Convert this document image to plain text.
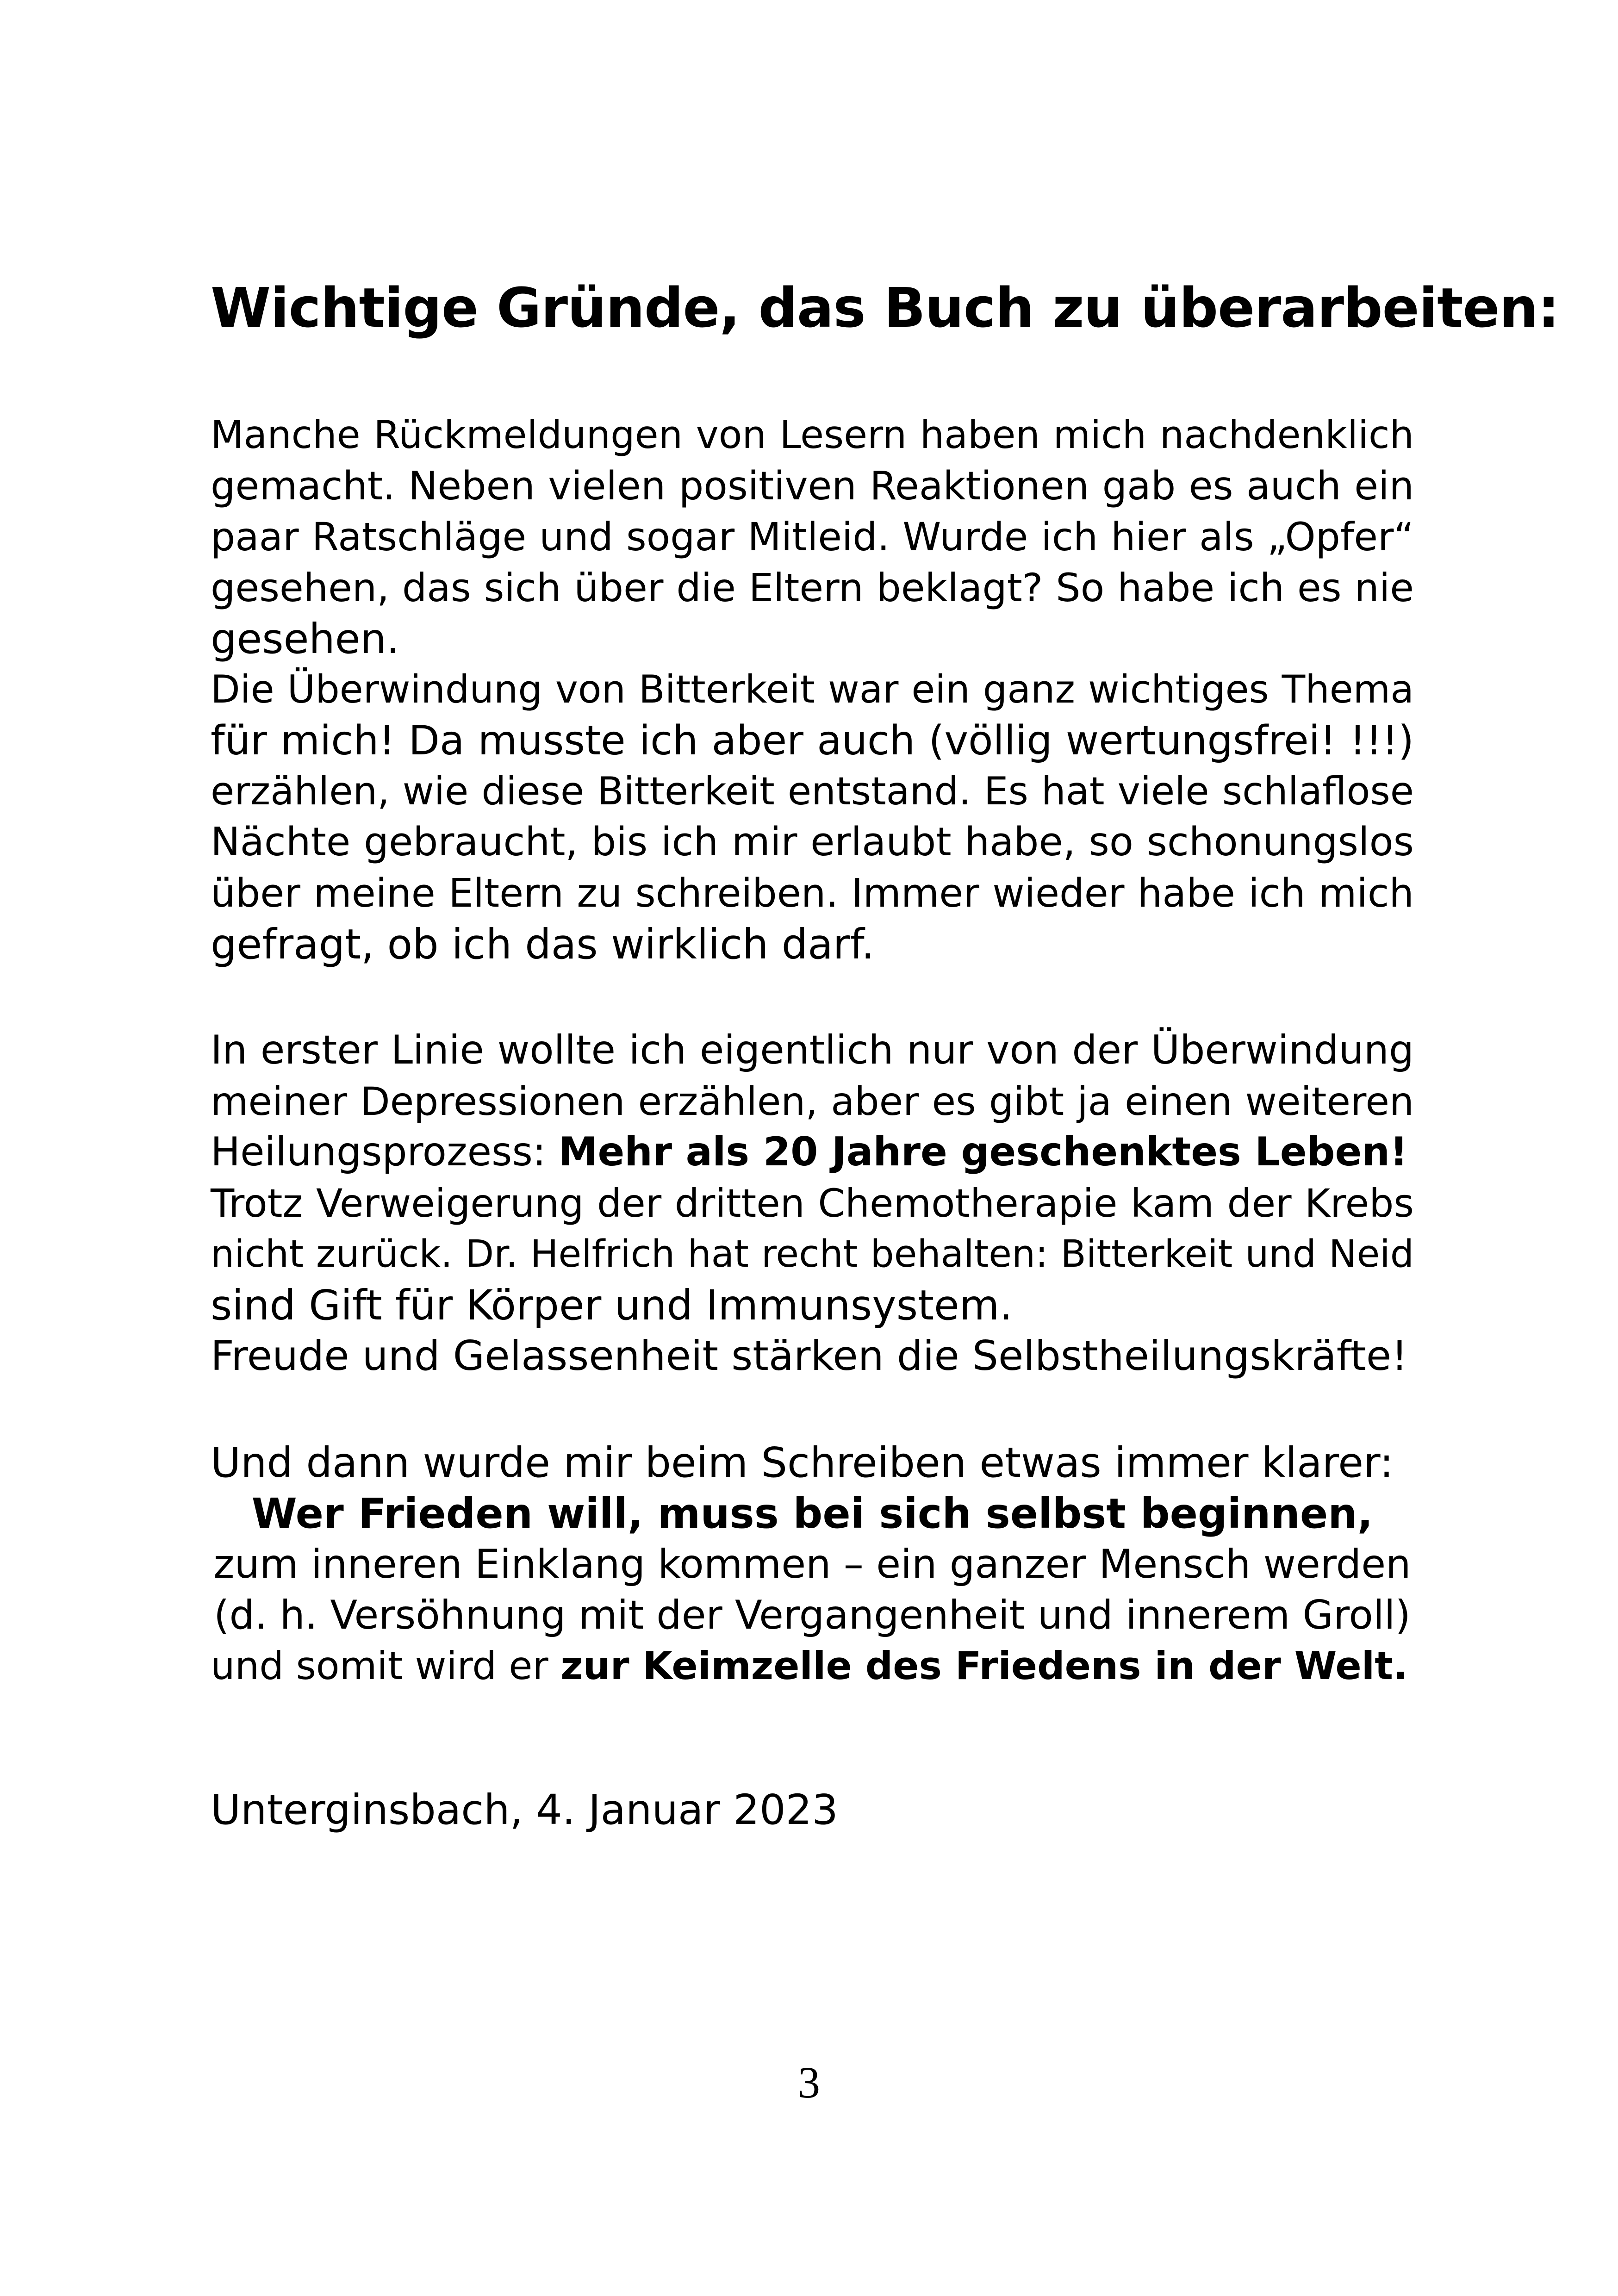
Wichtige Gründe, das Buch zu überarbeiten:
Manche Rückmeldungen von Lesern haben mich nachdenklich
gemacht. Neben vielen positiven Reaktionen gab es auch ein
paar Ratschläge und sogar Mitleid. Wurde ich hier als „Opfer“
gesehen, das sich über die Eltern beklagt? So habe ich es nie
gesehen.
Die Überwindung von Bitterkeit war ein ganz wichtiges Thema
für mich! Da musste ich aber auch (völlig wertungsfrei! !!!)
erzählen, wie diese Bitterkeit entstand. Es hat viele schlaflose
Nächte gebraucht, bis ich mir erlaubt habe, so schonungslos
über meine Eltern zu schreiben. Immer wieder habe ich mich
gefragt, ob ich das wirklich darf.
In erster Linie wollte ich eigentlich nur von der Überwindung
meiner Depressionen erzählen, aber es gibt ja einen weiteren
Heilungsprozess: Mehr als 20 Jahre geschenktes Leben!
Trotz Verweigerung der dritten Chemotherapie kam der Krebs
nicht zurück. Dr. Helfrich hat recht behalten: Bitterkeit und Neid
sind Gift für Körper und Immunsystem.
Freude und Gelassenheit stärken die Selbstheilungskräfte!
Und dann wurde mir beim Schreiben etwas immer klarer:
Wer Frieden will, muss bei sich selbst beginnen,
zum inneren Einklang kommen – ein ganzer Mensch werden
(d. h. Versöhnung mit der Vergangenheit und innerem Groll)
und somit wird er zur Keimzelle des Friedens in der Welt.
Unterginsbach, 4. Januar 2023
3
